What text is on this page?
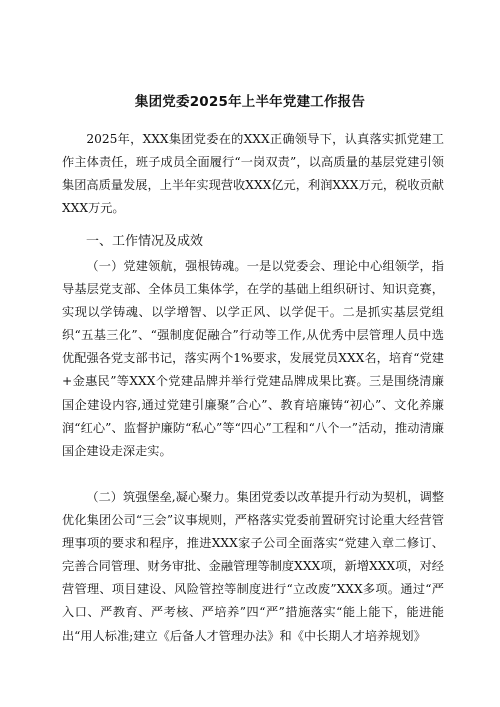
集团党委2025年上半年党建工作报告

2025年，XXX集团党委在的XXX正确领导下，认真落实抓党建工作主体责任，班子成员全面履行“一岗双责”，以高质量的基层党建引领集团高质量发展，上半年实现营收XXX亿元，利润XXX万元，税收贡献XXX万元。

一、工作情况及成效

（一）党建领航，强根铸魂。一是以党委会、理论中心组领学，指导基层党支部、全体员工集体学，在学的基础上组织研讨、知识竞赛，实现以学铸魂、以学增智、以学正风、以学促干。二是抓实基层党组织“五基三化”、“强制度促融合”行动等工作,从优秀中层管理人员中选优配强各党支部书记，落实两个1%要求，发展党员XXX名，培育“党建+金惠民”等XXX个党建品牌并举行党建品牌成果比赛。三是围绕清廉国企建设内容,通过党建引廉聚”合心”、教育培廉铸“初心”、文化养廉润“红心”、监督护廉防“私心”等“四心”工程和“八个一”活动，推动清廉国企建设走深走实。

（二）筑强堡垒,凝心聚力。集团党委以改革提升行动为契机，调整优化集团公司“三会”议事规则，严格落实党委前置研究讨论重大经营管理事项的要求和程序，推进XXX家子公司全面落实“党建入章二修订、完善合同管理、财务审批、金融管理等制度XXX项，新增XXX项，对经营管理、项目建设、风险管控等制度进行“立改废”XXX多项。通过“严入口、严教育、严考核、严培养”四“严”措施落实“能上能下，能进能出“用人标准;建立《后备人才管理办法》和《中长期人才培养规划》
